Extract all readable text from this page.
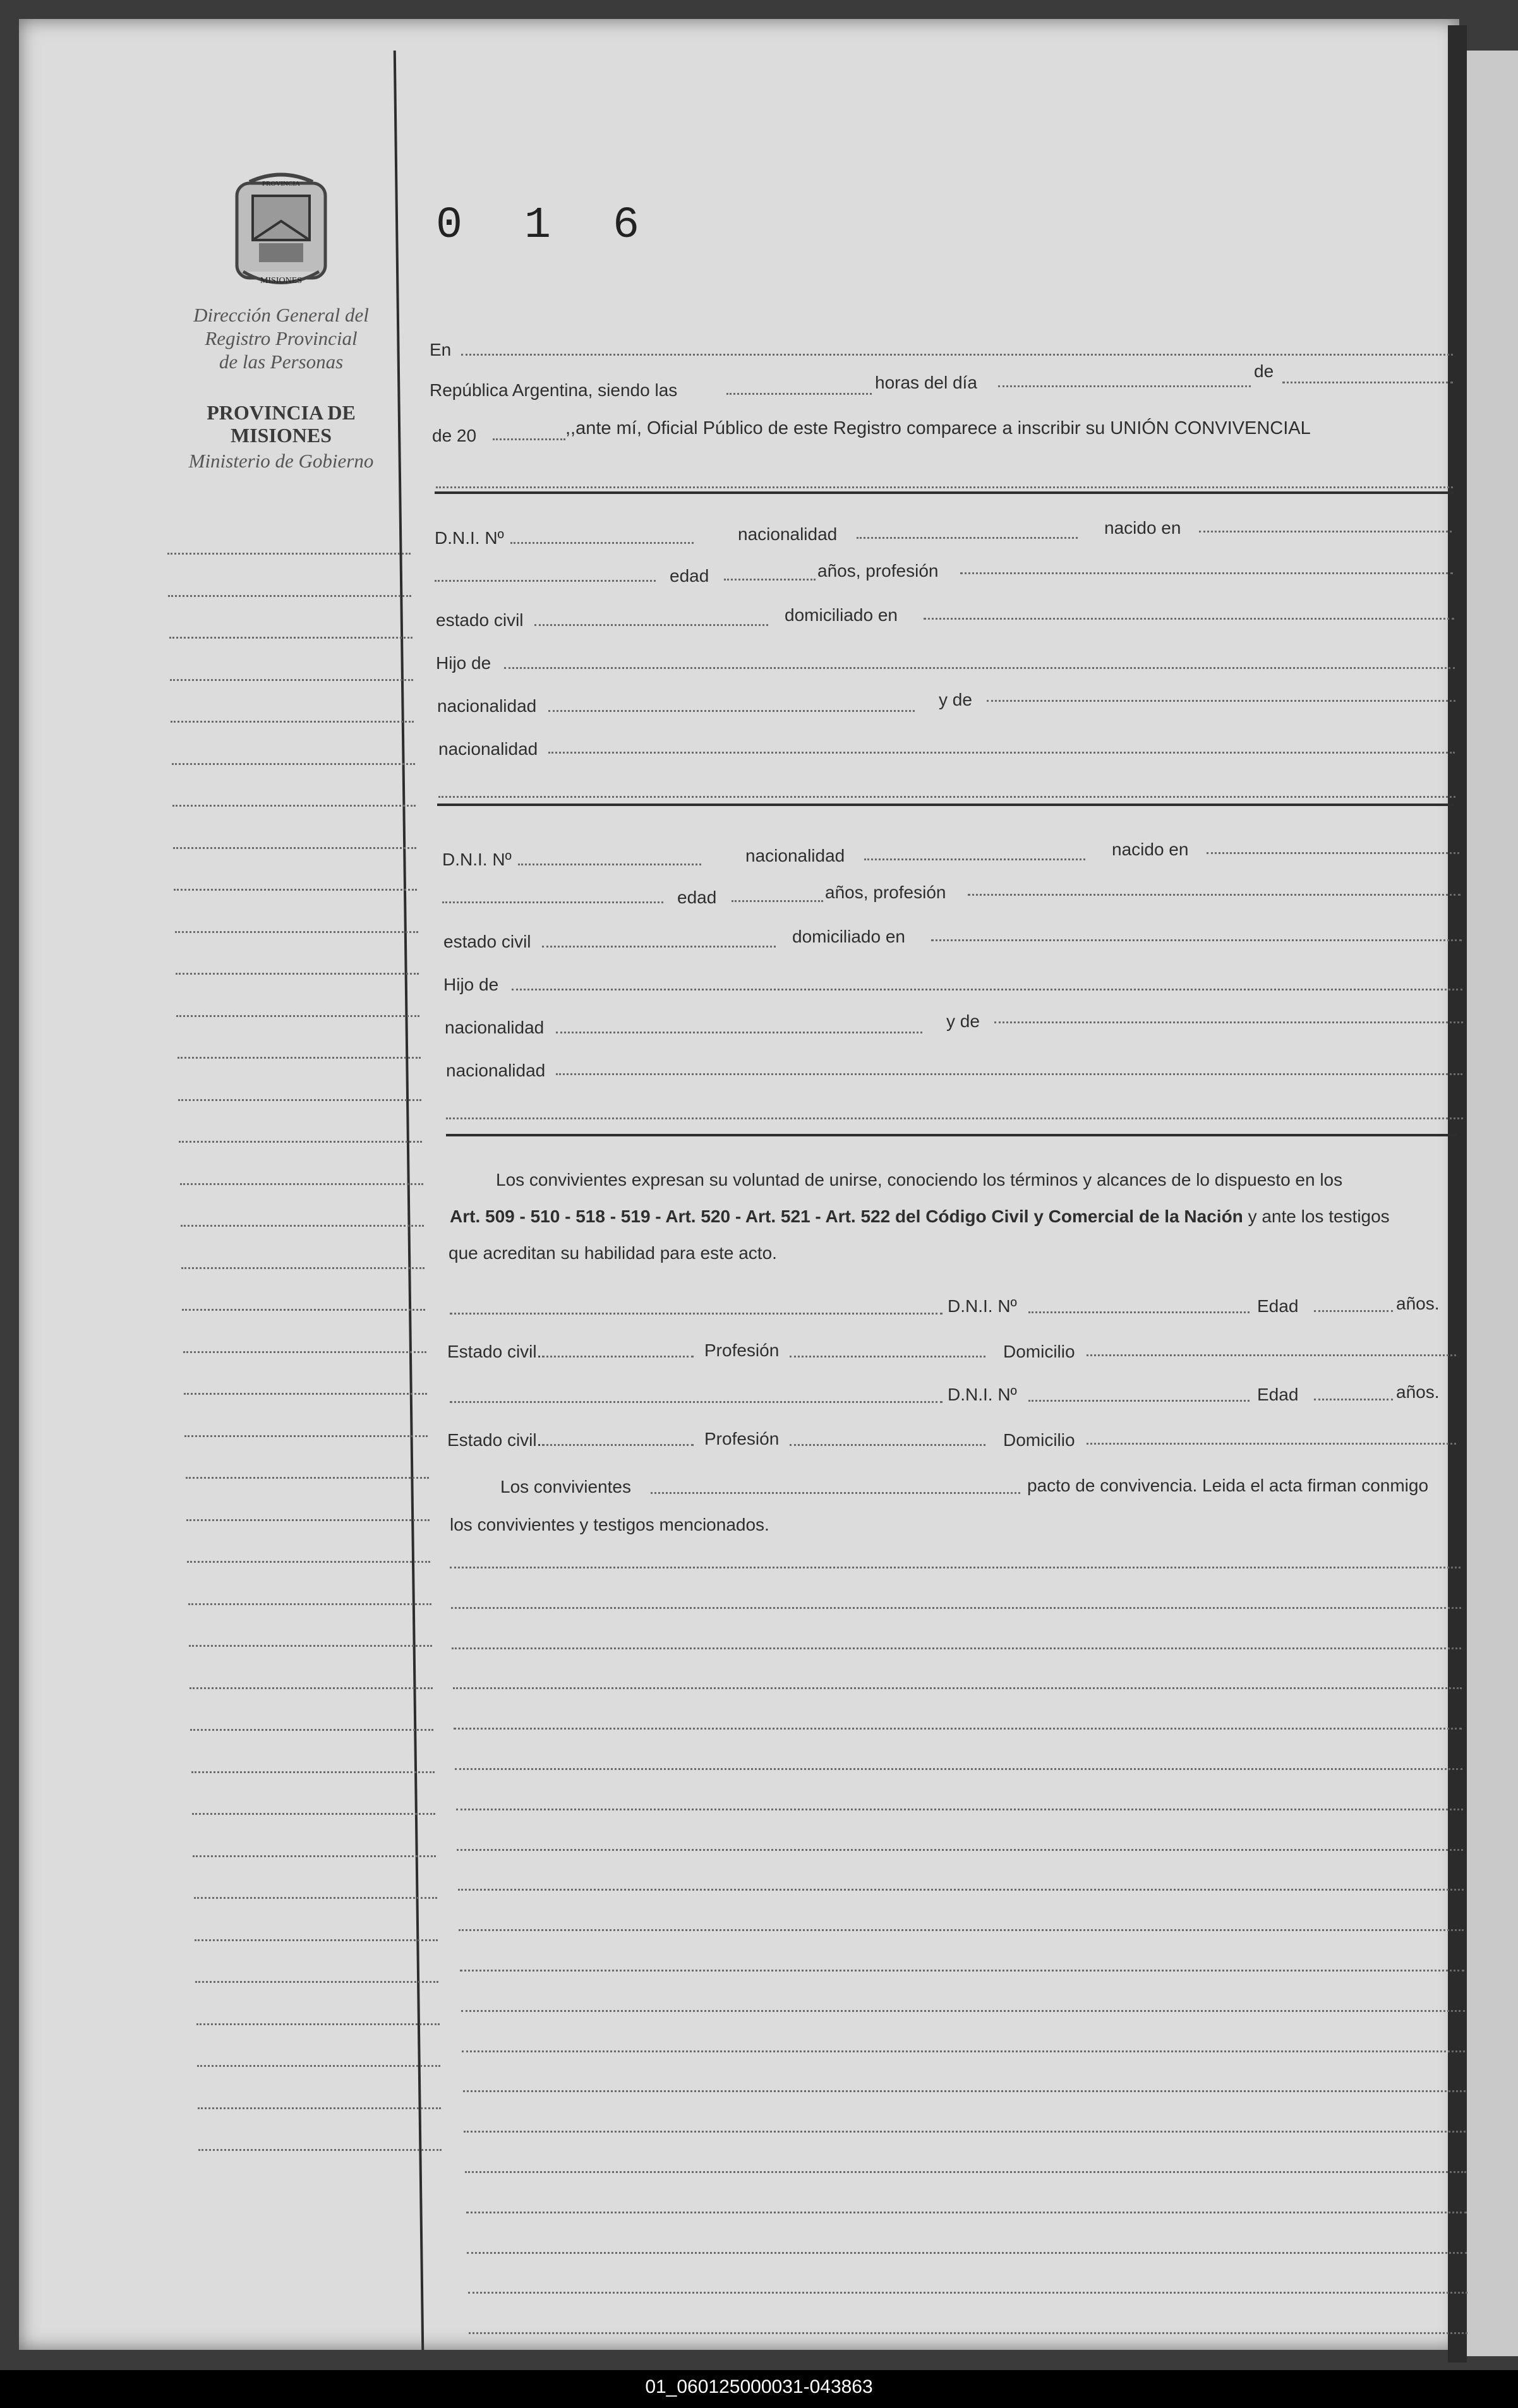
PROVINCIA
MISIONES
Dirección General del
Registro Provincial
de las Personas
PROVINCIA DE
MISIONES
Ministerio de Gobierno
0 1 6
En
República Argentina, siendo las	horas del día
de
de 20	,,ante mí, Oficial Público de este Registro comparece a inscribir su UNIÓN CONVIVENCIAL
D.N.I. Nº	nacionalidad	nacido en
edad	años, profesión
estado civil	domiciliado en
Hijo de
nacionalidad	y de
nacionalidad
D.N.I. Nº	nacionalidad	nacido en
edad	años, profesión
estado civil	domiciliado en
Hijo de
nacionalidad	y de
nacionalidad
Los convivientes expresan su voluntad de unirse, conociendo los términos y alcances de lo dispuesto en los
Art. 509 - 510 - 518 - 519 - Art. 520 - Art. 521 - Art. 522 del Código Civil y Comercial de la Nación y ante los testigos
que acreditan su habilidad para este acto.
D.N.I. Nº	Edad	años.
Estado civil.	Profesión	Domicilio
D.N.I. Nº	Edad	años.
Estado civil.	Profesión	Domicilio
Los convivientes	pacto de convivencia. Leida el acta firman conmigo
los convivientes y testigos mencionados.
01_060125000031-043863
